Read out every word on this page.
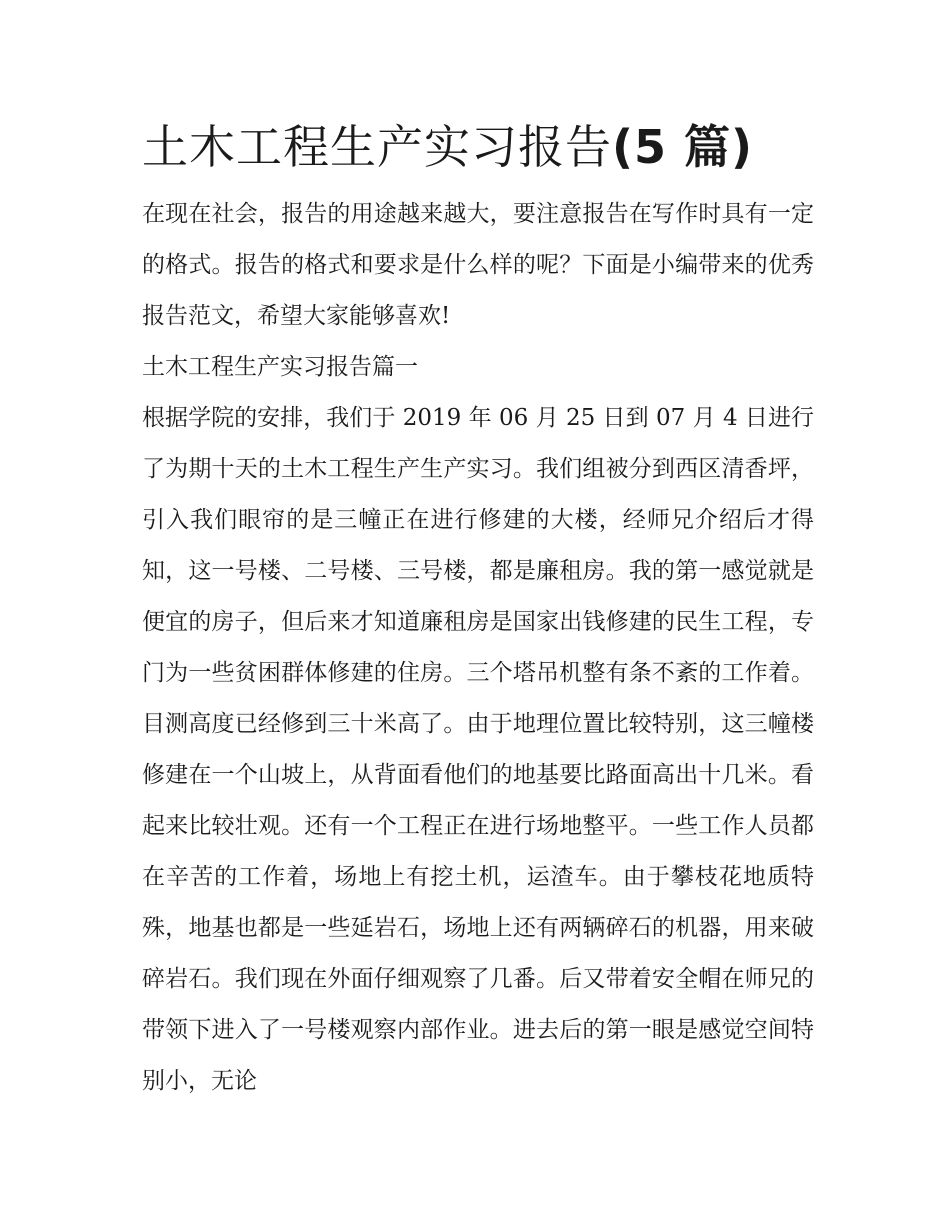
土木工程生产实习报告(5 篇)

在现在社会，报告的用途越来越大，要注意报告在写作时具有一定的格式。报告的格式和要求是什么样的呢？下面是小编带来的优秀报告范文，希望大家能够喜欢!

土木工程生产实习报告篇一

根据学院的安排，我们于 2019 年 06 月 25 日到 07 月 4 日进行了为期十天的土木工程生产生产实习。我们组被分到西区清香坪，引入我们眼帘的是三幢正在进行修建的大楼，经师兄介绍后才得知，这一号楼、二号楼、三号楼，都是廉租房。我的第一感觉就是便宜的房子，但后来才知道廉租房是国家出钱修建的民生工程，专门为一些贫困群体修建的住房。三个塔吊机整有条不紊的工作着。目测高度已经修到三十米高了。由于地理位置比较特别，这三幢楼修建在一个山坡上，从背面看他们的地基要比路面高出十几米。看起来比较壮观。还有一个工程正在进行场地整平。一些工作人员都在辛苦的工作着，场地上有挖土机，运渣车。由于攀枝花地质特殊，地基也都是一些延岩石，场地上还有两辆碎石的机器，用来破碎岩石。我们现在外面仔细观察了几番。后又带着安全帽在师兄的带领下进入了一号楼观察内部作业。进去后的第一眼是感觉空间特别小，无论
